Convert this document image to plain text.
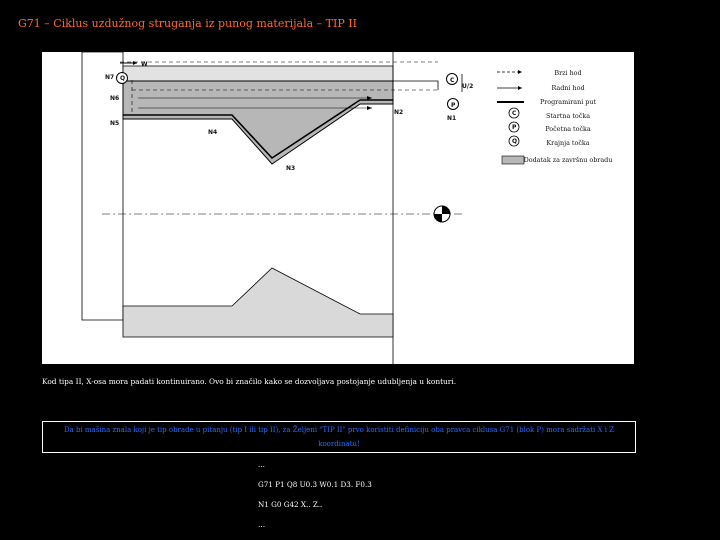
G71 – Ciklus uzdužnog struganja iz punog materijala – TIP II
N7 Q
W
C
U/2
N6
N5
N4
N3
N2
N1
P
C
P
Q
Brzi hod
Radni hod
Programirani put
Startna točka
Početna točka
Krajnja točka
Dodatak za završnu obradu
Kod tipa II, X-osa mora padati kontinuirano. Ovo bi značilo kako se dozvoljava postojanje udubljenja u konturi.
Da bi mašina znala koji je tip obrade u pitanju (tip I ili tip II), za Željeni "TIP II" prvo koristiti definiciju oba pravca ciklusa G71 (blok P) mora sadržati X i Z koordinatu!
...
G71 P1 Q8 U0.3 W0.1 D3. F0.3
N1 G0 G42 X.. Z..
…
